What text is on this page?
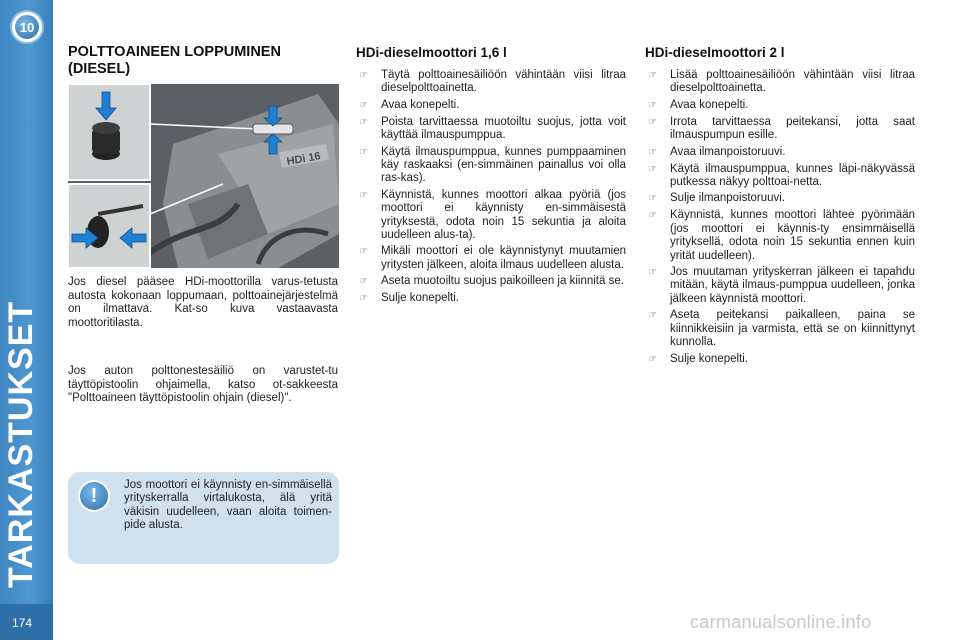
10
TARKASTUKSET
174
POLTTOAINEEN LOPPUMINEN (DIESEL)
HDi 16

Jos diesel pääsee HDi-moottorilla varus-tetusta autosta kokonaan loppumaan, polttoainejärjestelmä on ilmattava. Kat-so kuva vastaavasta moottoritilasta.

Jos auton polttonestesäiliö on varustet-tu täyttöpistoolin ohjaimella, katso ot-sakkeesta "Polttoaineen täyttöpistoolin ohjain (diesel)".

!	Jos moottori ei käynnisty en-simmäisellä yrityskerralla virtalukosta, älä yritä väkisin uudelleen, vaan aloita toimen-pide alusta.

HDi-dieselmoottori 1,6 l
☞	Täytä polttoainesäiliöön vähintään viisi litraa dieselpolttoainetta.
☞	Avaa konepelti.
☞	Poista tarvittaessa muotoiltu suojus, jotta voit käyttää ilmauspumppua.
☞	Käytä ilmauspumppua, kunnes pumppaaminen käy raskaaksi (en-simmäinen painallus voi olla ras-kas).
☞	Käynnistä, kunnes moottori alkaa pyöriä (jos moottori ei käynnisty en-simmäisestä yrityksestä, odota noin 15 sekuntia ja aloita uudelleen alus-ta).
☞	Mikäli moottori ei ole käynnistynyt muutamien yritysten jälkeen, aloita ilmaus uudelleen alusta.
☞	Aseta muotoiltu suojus paikoilleen ja kiinnitä se.
☞	Sulje konepelti.
HDi-dieselmoottori 2 l
☞	Lisää polttoainesäiliöön vähintään viisi litraa dieselpolttoainetta.
☞	Avaa konepelti.
☞	Irrota tarvittaessa peitekansi, jotta saat ilmauspumpun esille.
☞	Avaa ilmanpoistoruuvi.
☞	Käytä ilmauspumppua, kunnes läpi-näkyvässä putkessa näkyy polttoai-netta.
☞	Sulje ilmanpoistoruuvi.
☞	Käynnistä, kunnes moottori lähtee pyörimään (jos moottori ei käynnis-ty ensimmäisellä yrityksellä, odota noin 15 sekuntia ennen kuin yrität uudelleen).
☞	Jos muutaman yrityskerran jälkeen ei tapahdu mitään, käytä ilmaus-pumppua uudelleen, jonka jälkeen käynnistä moottori.
☞	Aseta peitekansi paikalleen, paina se kiinnikkeisiin ja varmista, että se on kiinnittynyt kunnolla.
☞	Sulje konepelti.
carmanualsonline.info
